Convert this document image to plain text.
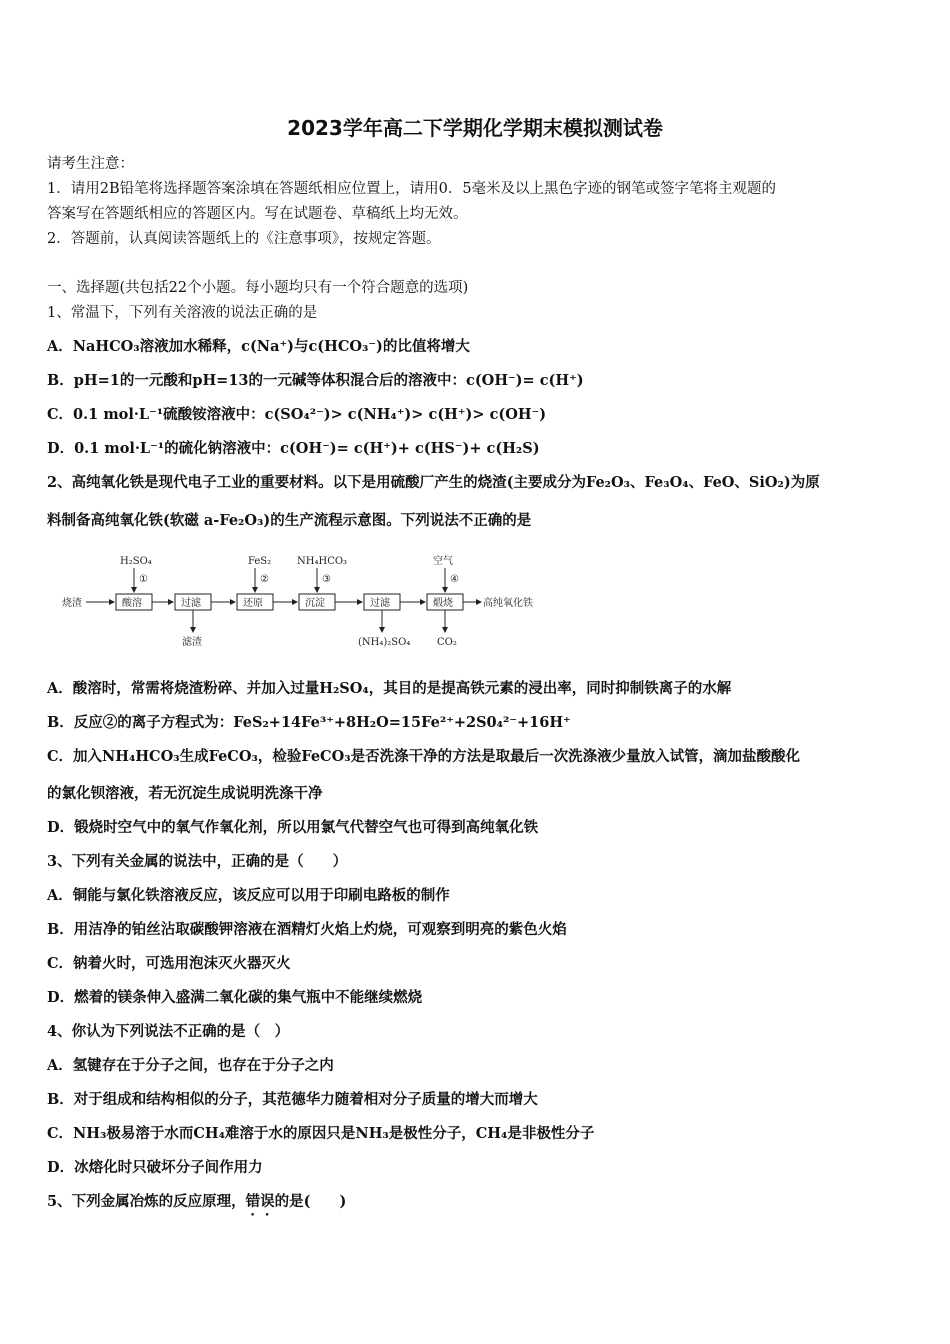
2023学年高二下学期化学期末模拟测试卷
请考生注意：
1．请用2B铅笔将选择题答案涂填在答题纸相应位置上，请用0．5毫米及以上黑色字迹的钢笔或签字笔将主观题的
答案写在答题纸相应的答题区内。写在试题卷、草稿纸上均无效。
2．答题前，认真阅读答题纸上的《注意事项》，按规定答题。
一、选择题(共包括22个小题。每小题均只有一个符合题意的选项)
1、常温下，下列有关溶液的说法正确的是
A．NaHCO₃溶液加水稀释，c(Na⁺)与c(HCO₃⁻)的比值将增大
B．pH=1的一元酸和pH=13的一元碱等体积混合后的溶液中：c(OH⁻)= c(H⁺)
C．0.1 mol·L⁻¹硫酸铵溶液中：c(SO₄²⁻)> c(NH₄⁺)> c(H⁺)> c(OH⁻)
D．0.1 mol·L⁻¹的硫化钠溶液中：c(OH⁻)= c(H⁺)+ c(HS⁻)+ c(H₂S)
2、高纯氧化铁是现代电子工业的重要材料。以下是用硫酸厂产生的烧渣(主要成分为Fe₂O₃、Fe₃O₄、FeO、SiO₂)为原
料制备高纯氧化铁(软磁 a-Fe₂O₃)的生产流程示意图。下列说法不正确的是
烧渣	酸溶	过滤	还原	沉淀	过滤	煅烧	高纯氧化铁
H₂SO₄
①
FeS₂
②
NH₄HCO₃
③
空气
④
滤渣	(NH₄)₂SO₄	CO₂
A．酸溶时，常需将烧渣粉碎、并加入过量H₂SO₄，其目的是提高铁元素的浸出率，同时抑制铁离子的水解
B．反应②的离子方程式为：FeS₂+14Fe³⁺+8H₂O=15Fe²⁺+2S0₄²⁻+16H⁺
C．加入NH₄HCO₃生成FeCO₃，检验FeCO₃是否洗涤干净的方法是取最后一次洗涤液少量放入试管，滴加盐酸酸化
的氯化钡溶液，若无沉淀生成说明洗涤干净
D．锻烧时空气中的氧气作氧化剂，所以用氯气代替空气也可得到高纯氧化铁
3、下列有关金属的说法中，正确的是（　　）
A．铜能与氯化铁溶液反应，该反应可以用于印刷电路板的制作
B．用洁净的铂丝沾取碳酸钾溶液在酒精灯火焰上灼烧，可观察到明亮的紫色火焰
C．钠着火时，可选用泡沫灭火器灭火
D．燃着的镁条伸入盛满二氧化碳的集气瓶中不能继续燃烧
4、你认为下列说法不正确的是（　）
A．氢键存在于分子之间，也存在于分子之内
B．对于组成和结构相似的分子，其范德华力随着相对分子质量的增大而增大
C．NH₃极易溶于水而CH₄难溶于水的原因只是NH₃是极性分子，CH₄是非极性分子
D．冰熔化时只破坏分子间作用力
5、下列金属冶炼的反应原理，错误的是(　　)
